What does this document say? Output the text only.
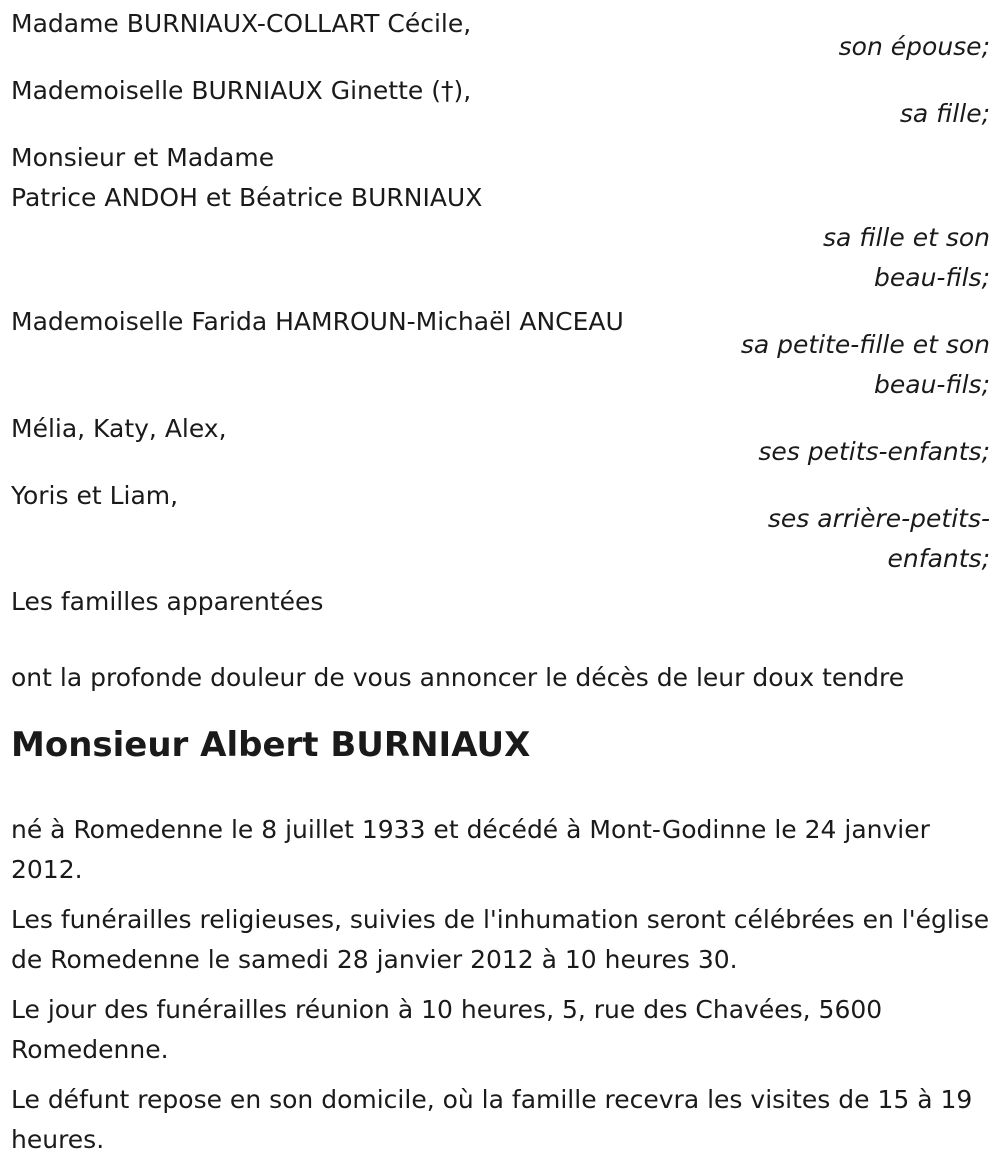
Madame BURNIAUX-COLLART Cécile,
son épouse;
Mademoiselle BURNIAUX Ginette (†),
sa fille;
Monsieur et Madame
Patrice ANDOH et Béatrice BURNIAUX
sa fille et son
beau-fils;
Mademoiselle Farida HAMROUN-Michaël ANCEAU
sa petite-fille et son
beau-fils;
Mélia, Katy, Alex,
ses petits-enfants;
Yoris et Liam,
ses arrière-petits-
enfants;
Les familles apparentées
ont la profonde douleur de vous annoncer le décès de leur doux tendre
Monsieur Albert BURNIAUX

né à Romedenne le 8 juillet 1933 et décédé à Mont-Godinne le 24 janvier 2012.

Les funérailles religieuses, suivies de l'inhumation seront célébrées en l'église de Romedenne le samedi 28 janvier 2012 à 10 heures 30.

Le jour des funérailles réunion à 10 heures, 5, rue des Chavées, 5600 Romedenne.

Le défunt repose en son domicile, où la famille recevra les visites de 15 à 19 heures.
